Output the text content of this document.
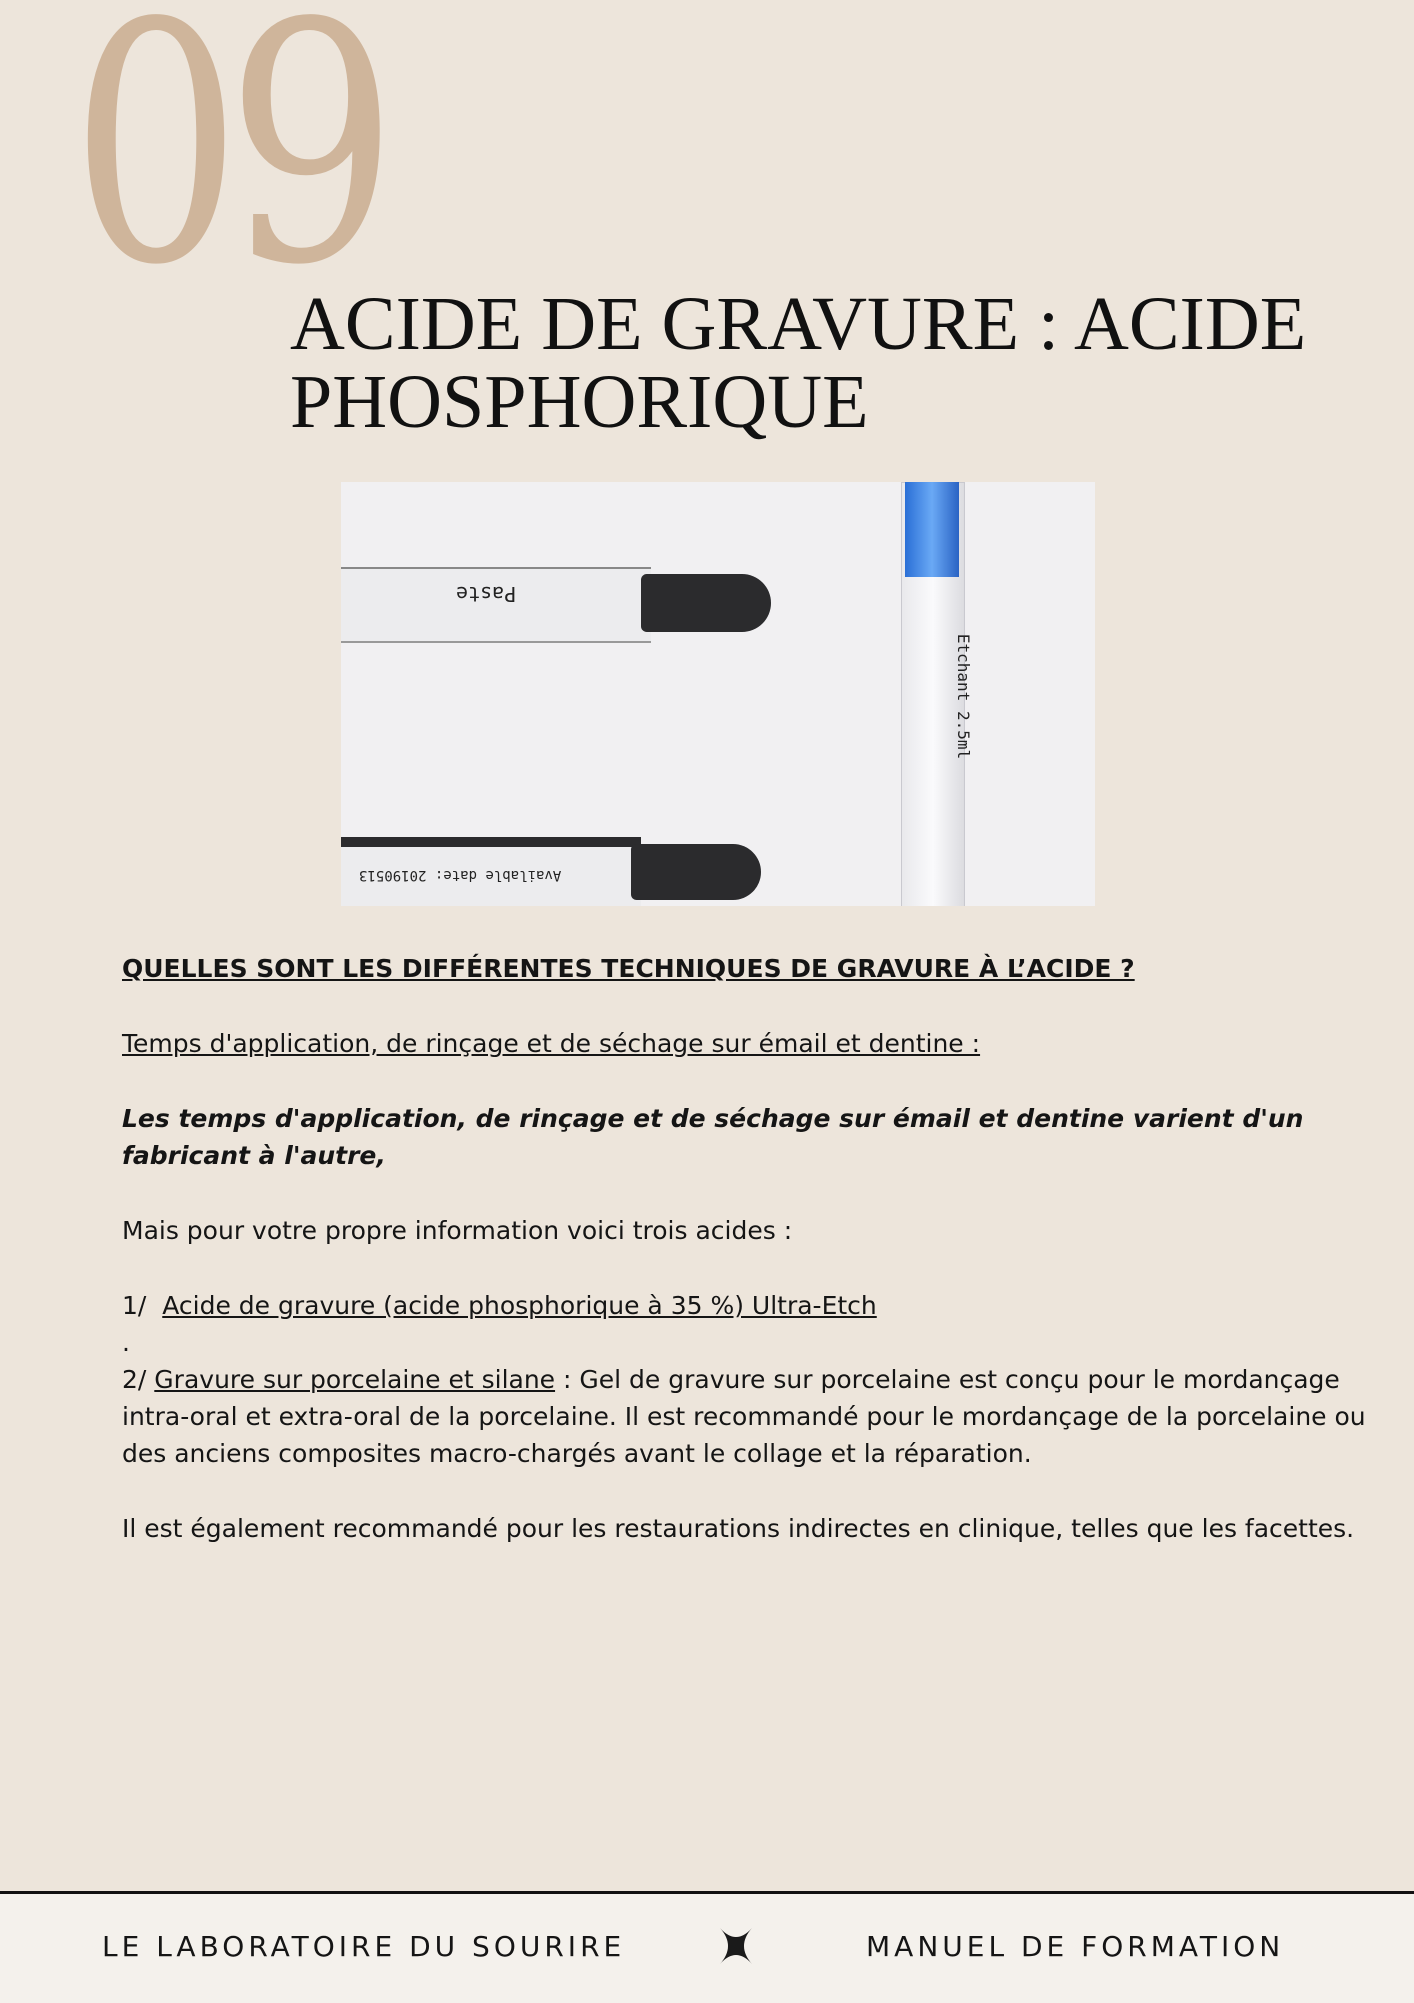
09
ACIDE DE GRAVURE : ACIDE PHOSPHORIQUE
Paste
Etchant 2.5ml
Available date: 20190513

QUELLES SONT LES DIFFÉRENTES TECHNIQUES DE GRAVURE À L’ACIDE ?

Temps d'application, de rinçage et de séchage sur émail et dentine :

Les temps d'application, de rinçage et de séchage sur émail et dentine varient d'un fabricant à l'autre,

Mais pour votre propre information voici trois acides :

1/ Acide de gravure (acide phosphorique à 35 %) Ultra-Etch

.

2/ Gravure sur porcelaine et silane : Gel de gravure sur porcelaine est conçu pour le mordançage intra-oral et extra-oral de la porcelaine. Il est recommandé pour le mordançage de la porcelaine ou des anciens composites macro-chargés avant le collage et la réparation.

Il est également recommandé pour les restaurations indirectes en clinique, telles que les facettes.

LE LABORATOIRE DU SOURIRE	MANUEL DE FORMATION
